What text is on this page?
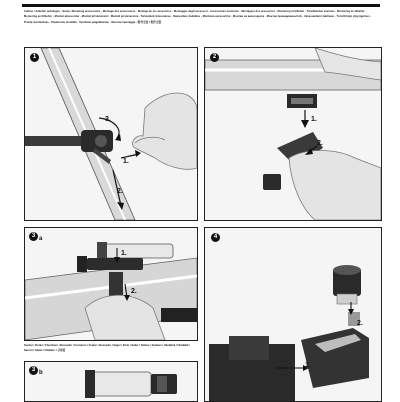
Cutline / Zubehör anbringen · Setup / Mounting accessories · Montage des accessoires · Montaje de los accesorios · Montaggio degli accessori · Accessoires monteren · Montagem dos acessórios · Montering af tilbehør · Tarvikkeiden asennus · Montering av tilbehør · Montering av tillbehör · Montaż akcesoriów · Montáž příslušenství · Montáž príslušenstva · Tartozékok felszerelése · Namestitev dodatkov · Montarea accesoriilor · Монтаж на аксесоарите · Монтаж принадлежностей · Aksesuarların takılması · Τοποθέτηση εξαρτημάτων · Priedų montavimas · Piederumu montāža · Tarvikute paigaldamine · Монтаж приладдя · 附件安装 / 配件安裝
1
3.
1.
2.
2
1.
2.
3 a
1.
2.
4
2.
1.
Sucher / Finder / Chercheur / Buscador / Cercatore / Zoeker / Buscador / Søger / Etsin / Søker / Sökare / Szukacz / Hledáček / Hľadáčik / Kereső / Iskalo / Căutător / 寻星镜
3 b
